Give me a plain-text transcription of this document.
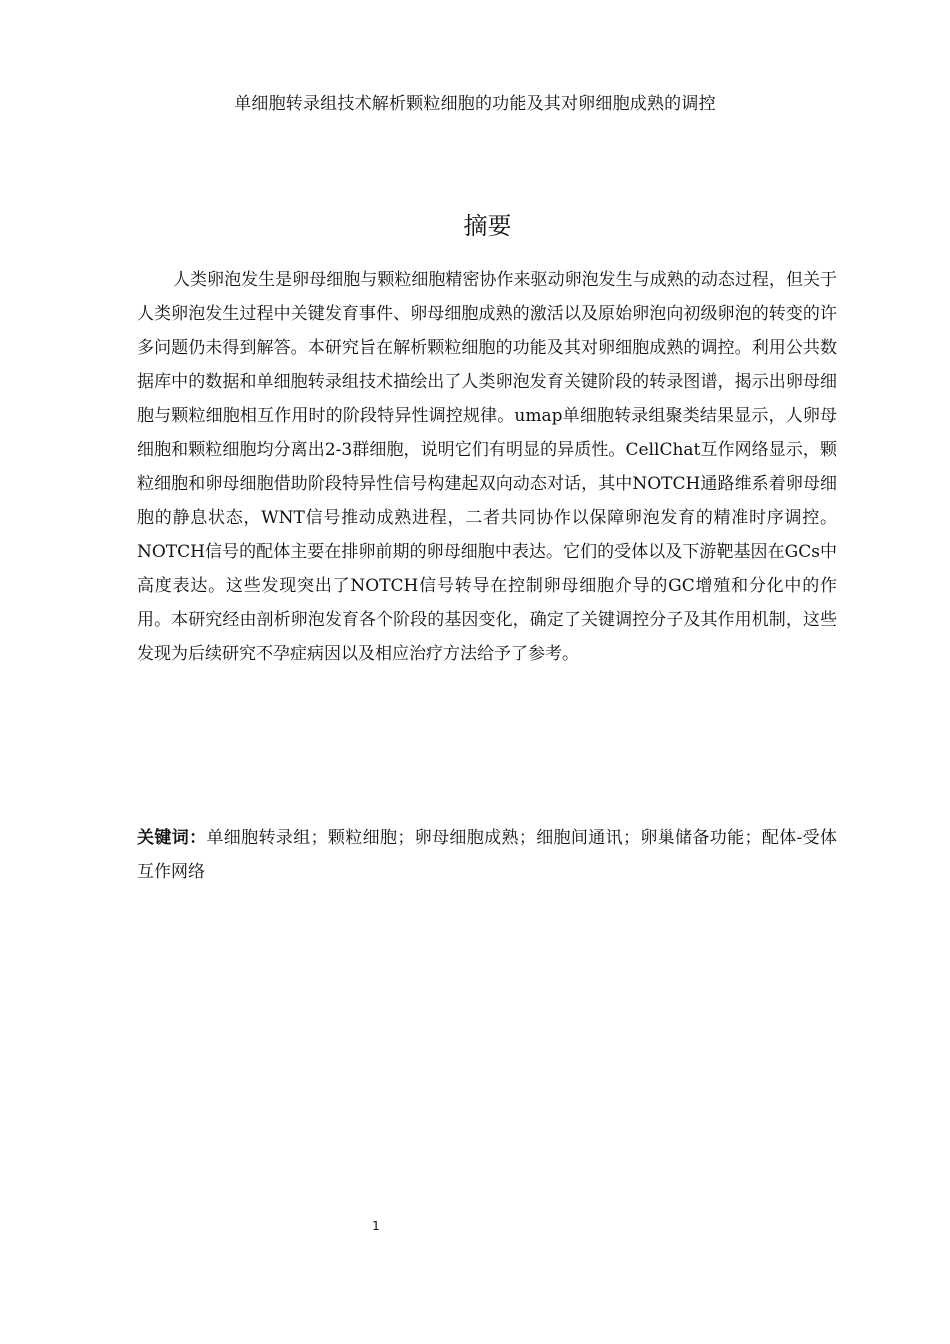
单细胞转录组技术解析颗粒细胞的功能及其对卵细胞成熟的调控
摘要

人类卵泡发生是卵母细胞与颗粒细胞精密协作来驱动卵泡发生与成熟的动态过程，但关于人类卵泡发生过程中关键发育事件、卵母细胞成熟的激活以及原始卵泡向初级卵泡的转变的许多问题仍未得到解答。本研究旨在解析颗粒细胞的功能及其对卵细胞成熟的调控。利用公共数据库中的数据和单细胞转录组技术描绘出了人类卵泡发育关键阶段的转录图谱，揭示出卵母细胞与颗粒细胞相互作用时的阶段特异性调控规律。umap单细胞转录组聚类结果显示，人卵母细胞和颗粒细胞均分离出2-3群细胞，说明它们有明显的异质性。CellChat互作网络显示，颗粒细胞和卵母细胞借助阶段特异性信号构建起双向动态对话，其中NOTCH通路维系着卵母细胞的静息状态，WNT信号推动成熟进程，二者共同协作以保障卵泡发育的精准时序调控。NOTCH信号的配体主要在排卵前期的卵母细胞中表达。它们的受体以及下游靶基因在GCs中高度表达。这些发现突出了NOTCH信号转导在控制卵母细胞介导的GC增殖和分化中的作用。本研究经由剖析卵泡发育各个阶段的基因变化，确定了关键调控分子及其作用机制，这些发现为后续研究不孕症病因以及相应治疗方法给予了参考。

关键词：单细胞转录组；颗粒细胞；卵母细胞成熟；细胞间通讯；卵巢储备功能；配体-受体互作网络

1
